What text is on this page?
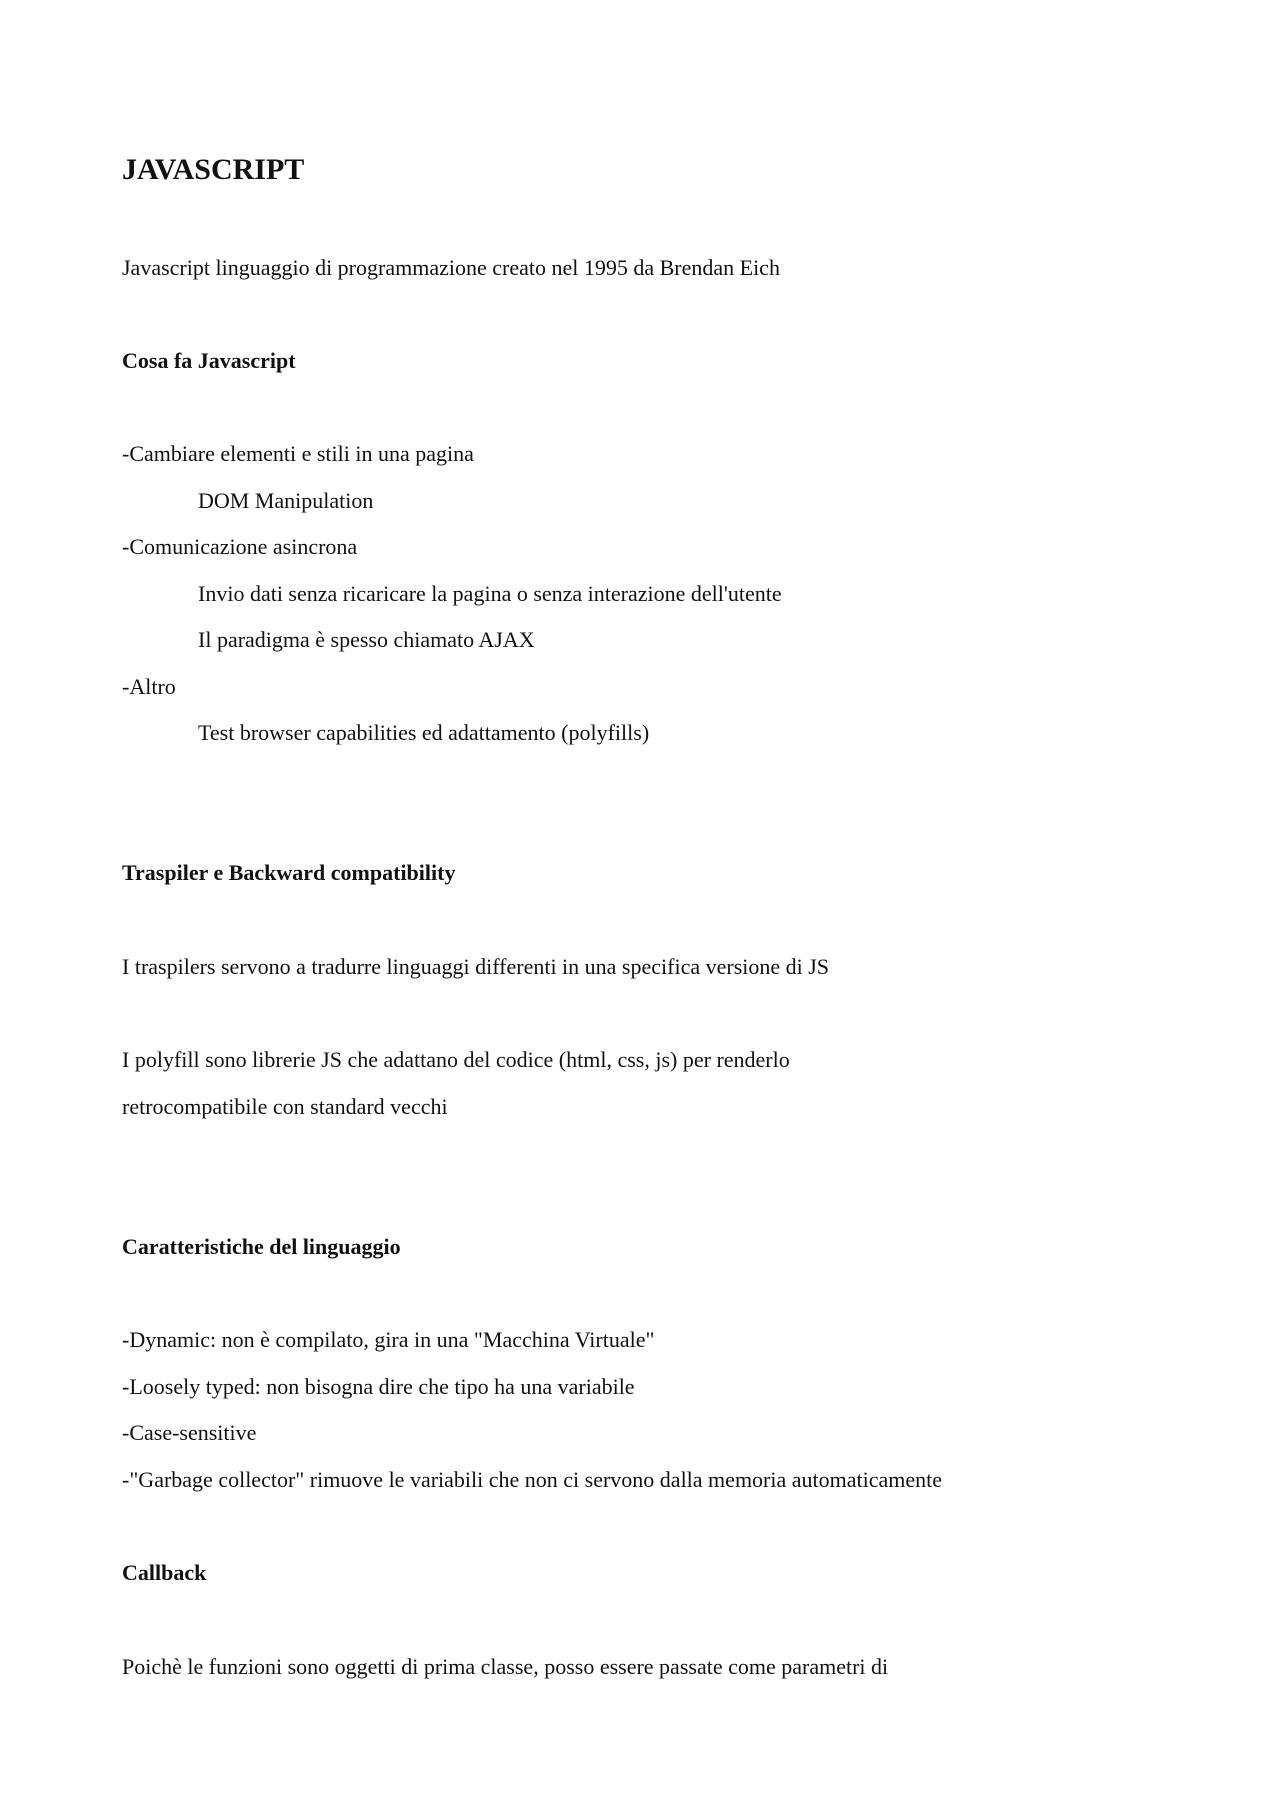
JAVASCRIPT
Javascript linguaggio di programmazione creato nel 1995 da Brendan Eich
Cosa fa Javascript
-Cambiare elementi e stili in una pagina
DOM Manipulation
-Comunicazione asincrona
Invio dati senza ricaricare la pagina o senza interazione dell'utente
Il paradigma è spesso chiamato AJAX
-Altro
Test browser capabilities ed adattamento (polyfills)
Traspiler e Backward compatibility
I traspilers servono a tradurre linguaggi differenti in una specifica versione di JS
I polyfill sono librerie JS che adattano del codice (html, css, js) per renderlo
retrocompatibile con standard vecchi
Caratteristiche del linguaggio
-Dynamic: non è compilato, gira in una "Macchina Virtuale"
-Loosely typed: non bisogna dire che tipo ha una variabile
-Case-sensitive
-"Garbage collector" rimuove le variabili che non ci servono dalla memoria automaticamente
Callback
Poichè le funzioni sono oggetti di prima classe, posso essere passate come parametri di
